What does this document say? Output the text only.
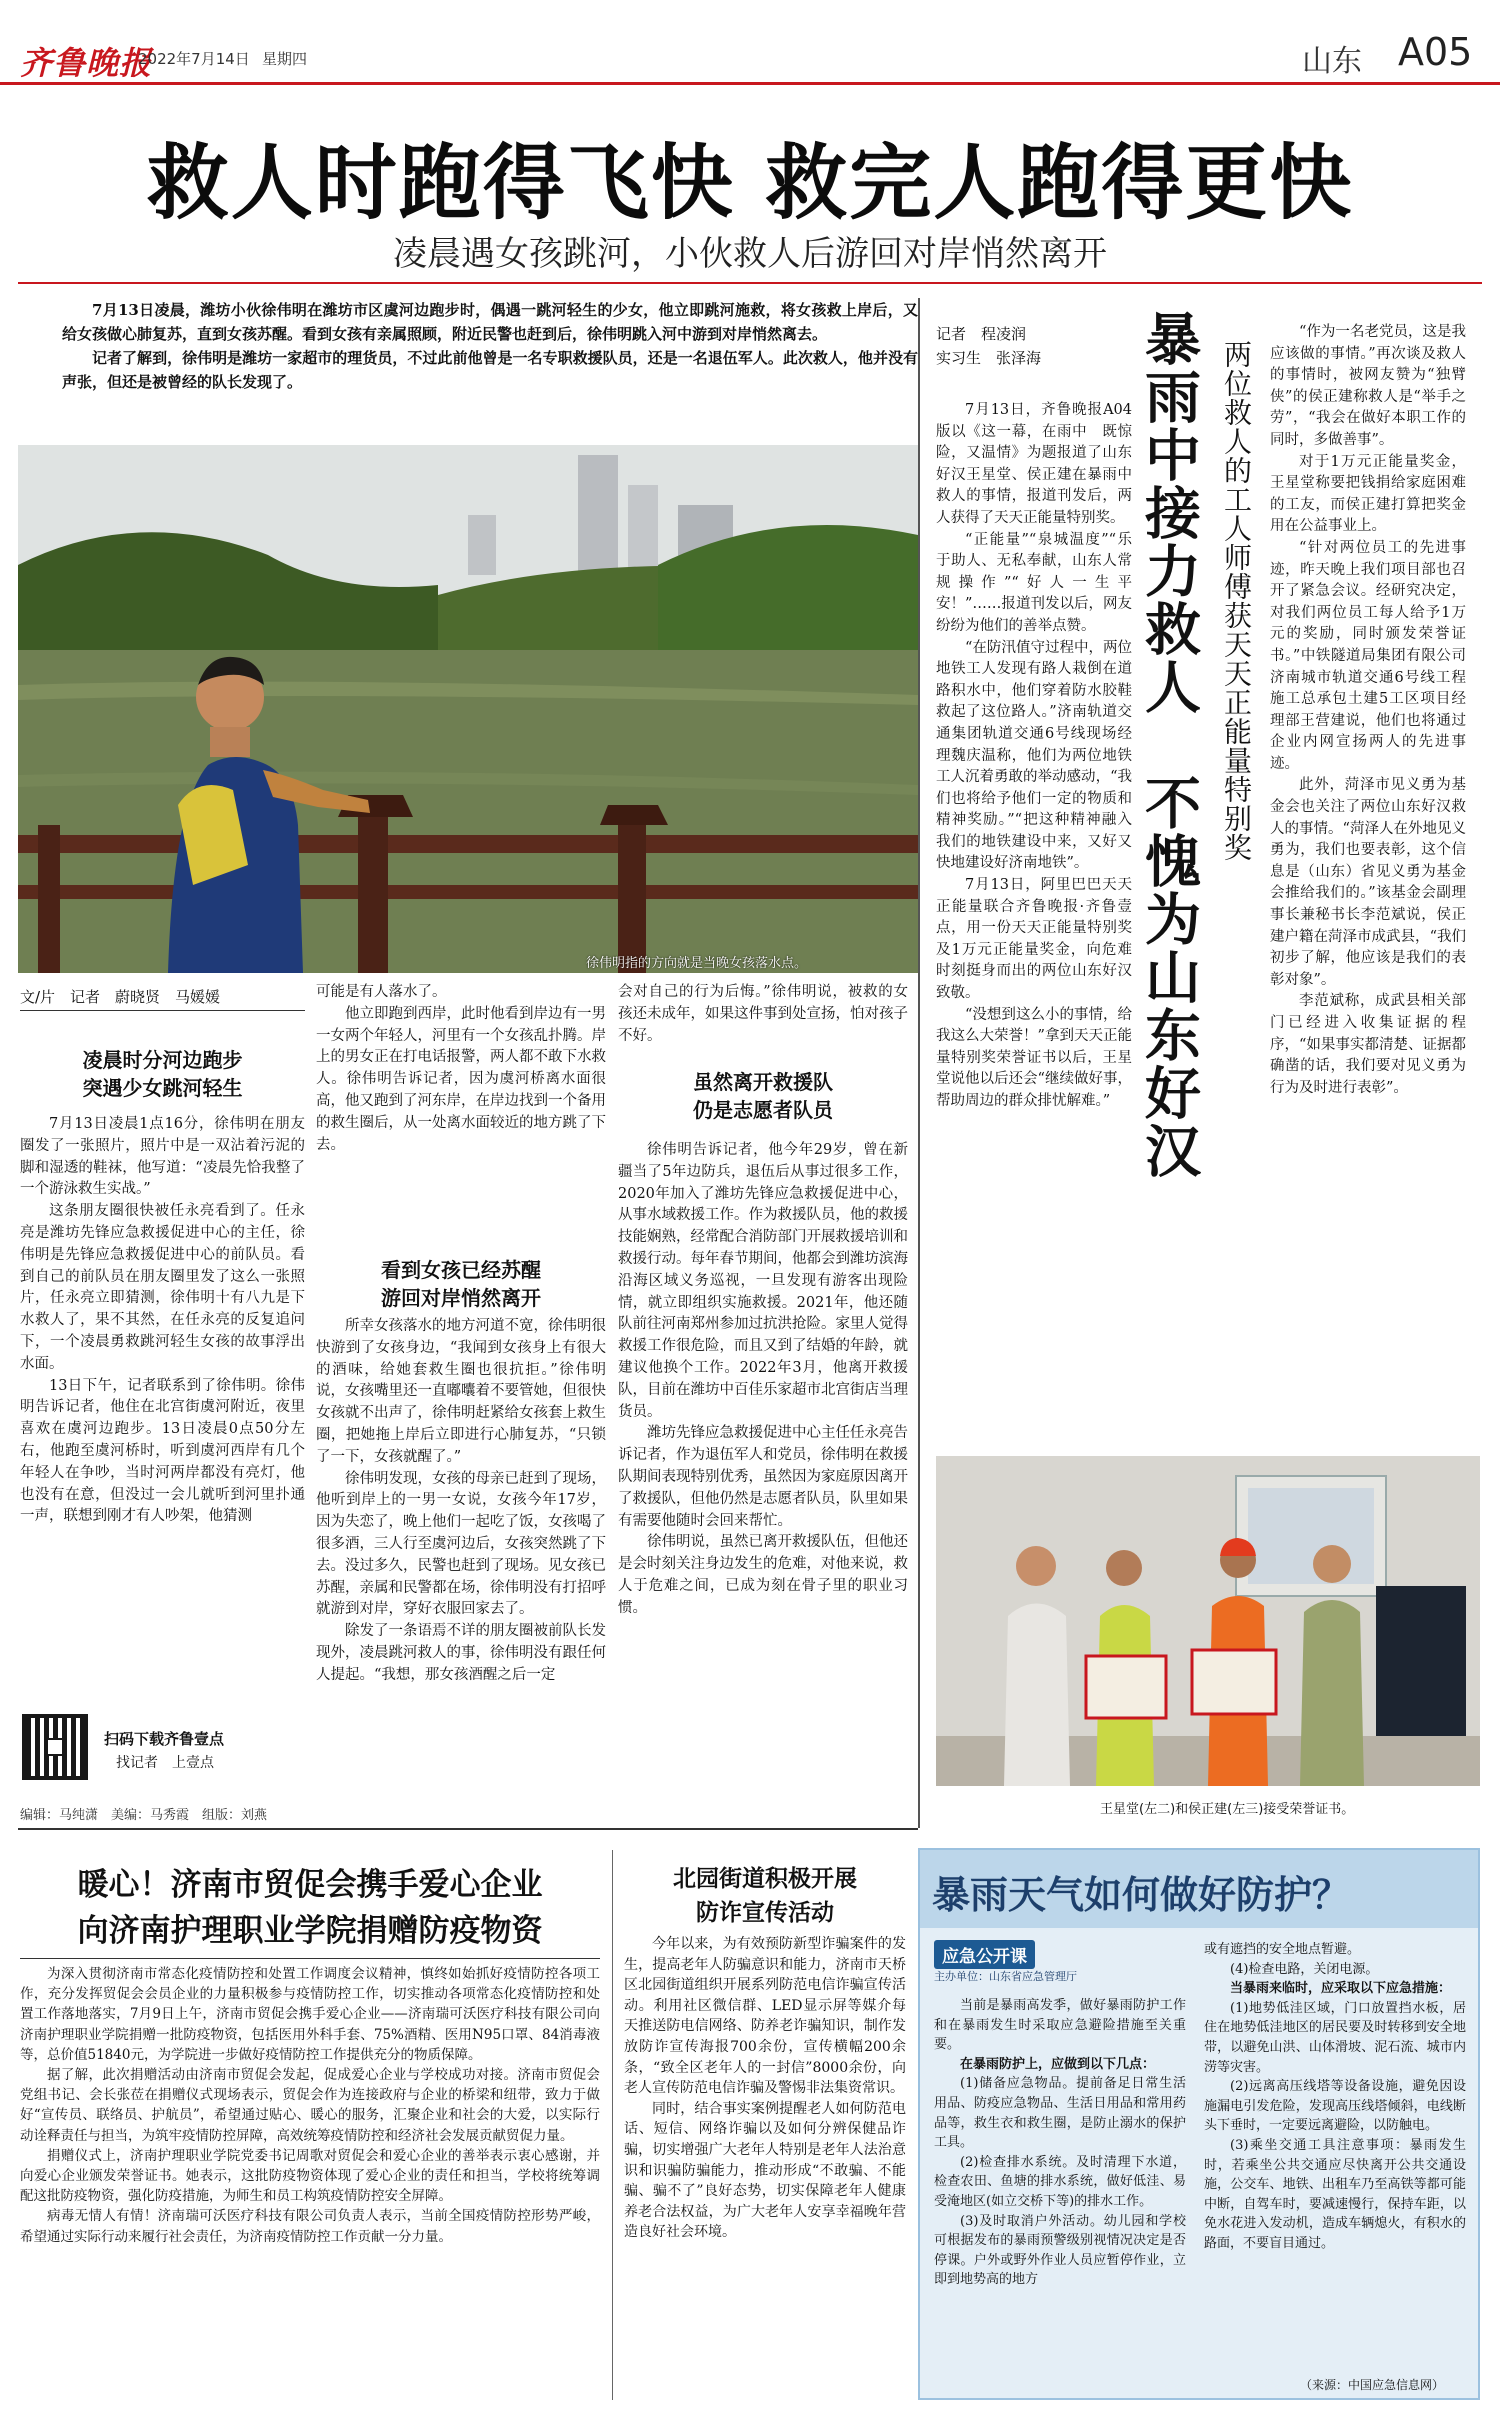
齐鲁晚报
2022年7月14日 星期四	山东 A05
救人时跑得飞快 救完人跑得更快
凌晨遇女孩跳河，小伙救人后游回对岸悄然离开

7月13日凌晨，潍坊小伙徐伟明在潍坊市区虞河边跑步时，偶遇一跳河轻生的少女，他立即跳河施救，将女孩救上岸后，又给女孩做心肺复苏，直到女孩苏醒。看到女孩有亲属照顾，附近民警也赶到后，徐伟明跳入河中游到对岸悄然离去。

记者了解到，徐伟明是潍坊一家超市的理货员，不过此前他曾是一名专职救援队员，还是一名退伍军人。此次救人，他并没有声张，但还是被曾经的队长发现了。

徐伟明指的方向就是当晚女孩落水点。
文/片　记者　蔚晓贤　马媛媛
凌晨时分河边跑步
突遇少女跳河轻生

7月13日凌晨1点16分，徐伟明在朋友圈发了一张照片，照片中是一双沾着污泥的脚和湿透的鞋袜，他写道：“凌晨先恰我整了一个游泳救生实战。”

这条朋友圈很快被任永亮看到了。任永亮是潍坊先锋应急救援促进中心的主任，徐伟明是先锋应急救援促进中心的前队员。看到自己的前队员在朋友圈里发了这么一张照片，任永亮立即猜测，徐伟明十有八九是下水救人了，果不其然，在任永亮的反复追问下，一个凌晨勇救跳河轻生女孩的故事浮出水面。

13日下午，记者联系到了徐伟明。徐伟明告诉记者，他住在北宫街虞河附近，夜里喜欢在虞河边跑步。13日凌晨0点50分左右，他跑至虞河桥时，听到虞河西岸有几个年轻人在争吵，当时河两岸都没有亮灯，他也没有在意，但没过一会儿就听到河里扑通一声，联想到刚才有人吵架，他猜测

可能是有人落水了。

他立即跑到西岸，此时他看到岸边有一男一女两个年轻人，河里有一个女孩乱扑腾。岸上的男女正在打电话报警，两人都不敢下水救人。徐伟明告诉记者，因为虞河桥离水面很高，他又跑到了河东岸，在岸边找到一个备用的救生圈后，从一处离水面较近的地方跳了下去。

看到女孩已经苏醒
游回对岸悄然离开

所幸女孩落水的地方河道不宽，徐伟明很快游到了女孩身边，“我闻到女孩身上有很大的酒味，给她套救生圈也很抗拒。”徐伟明说，女孩嘴里还一直嘟囔着不要管她，但很快女孩就不出声了，徐伟明赶紧给女孩套上救生圈，把她拖上岸后立即进行心肺复苏，“只锁了一下，女孩就醒了。”

徐伟明发现，女孩的母亲已赶到了现场，他听到岸上的一男一女说，女孩今年17岁，因为失恋了，晚上他们一起吃了饭，女孩喝了很多酒，三人行至虞河边后，女孩突然跳了下去。没过多久，民警也赶到了现场。见女孩已苏醒，亲属和民警都在场，徐伟明没有打招呼就游到对岸，穿好衣服回家去了。

除发了一条语焉不详的朋友圈被前队长发现外，凌晨跳河救人的事，徐伟明没有跟任何人提起。“我想，那女孩酒醒之后一定

会对自己的行为后悔。”徐伟明说，被救的女孩还未成年，如果这件事到处宣扬，怕对孩子不好。

虽然离开救援队
仍是志愿者队员

徐伟明告诉记者，他今年29岁，曾在新疆当了5年边防兵，退伍后从事过很多工作，2020年加入了潍坊先锋应急救援促进中心，从事水域救援工作。作为救援队员，他的救援技能娴熟，经常配合消防部门开展救援培训和救援行动。每年春节期间，他都会到潍坊滨海沿海区域义务巡视，一旦发现有游客出现险情，就立即组织实施救援。2021年，他还随队前往河南郑州参加过抗洪抢险。家里人觉得救援工作很危险，而且又到了结婚的年龄，就建议他换个工作。2022年3月，他离开救援队，目前在潍坊中百佳乐家超市北宫街店当理货员。

潍坊先锋应急救援促进中心主任任永亮告诉记者，作为退伍军人和党员，徐伟明在救援队期间表现特别优秀，虽然因为家庭原因离开了救援队，但他仍然是志愿者队员，队里如果有需要他随时会回来帮忙。

徐伟明说，虽然已离开救援队伍，但他还是会时刻关注身边发生的危难，对他来说，救人于危难之间，已成为刻在骨子里的职业习惯。

扫码下载齐鲁壹点
找记者　上壹点
编辑：马纯潇　美编：马秀霞　组版：刘燕
记者　程凌润
实习生　张泽海

7月13日，齐鲁晚报A04版以《这一幕，在雨中　既惊险，又温情》为题报道了山东好汉王星堂、侯正建在暴雨中救人的事情，报道刊发后，两人获得了天天正能量特别奖。

“正能量”“泉城温度”“乐于助人、无私奉献，山东人常规操作”“好人一生平安！”……报道刊发以后，网友纷纷为他们的善举点赞。

“在防汛值守过程中，两位地铁工人发现有路人栽倒在道路积水中，他们穿着防水胶鞋救起了这位路人。”济南轨道交通集团轨道交通6号线现场经理魏庆温称，他们为两位地铁工人沉着勇敢的举动感动，“我们也将给予他们一定的物质和精神奖励。”“把这种精神融入我们的地铁建设中来，又好又快地建设好济南地铁”。

7月13日，阿里巴巴天天正能量联合齐鲁晚报·齐鲁壹点，用一份天天正能量特别奖及1万元正能量奖金，向危难时刻挺身而出的两位山东好汉致敬。

“没想到这么小的事情，给我这么大荣誉！”拿到天天正能量特别奖荣誉证书以后，王星堂说他以后还会“继续做好事，帮助周边的群众排忧解难。” 暴雨中接力救人　不愧为山东好汉 两位救人的工人师傅获天天正能量特别奖

“作为一名老党员，这是我应该做的事情。”再次谈及救人的事情时，被网友赞为“独臂侠”的侯正建称救人是“举手之劳”，“我会在做好本职工作的同时，多做善事”。

对于1万元正能量奖金，王星堂称要把钱捐给家庭困难的工友，而侯正建打算把奖金用在公益事业上。

“针对两位员工的先进事迹，昨天晚上我们项目部也召开了紧急会议。经研究决定，对我们两位员工每人给予1万元的奖励，同时颁发荣誉证书。”中铁隧道局集团有限公司济南城市轨道交通6号线工程施工总承包土建5工区项目经理部王营建说，他们也将通过企业内网宣扬两人的先进事迹。

此外，菏泽市见义勇为基金会也关注了两位山东好汉救人的事情。“菏泽人在外地见义勇为，我们也要表彰，这个信息是（山东）省见义勇为基金会推给我们的。”该基金会副理事长兼秘书长李范斌说，侯正建户籍在菏泽市成武县，“我们初步了解，他应该是我们的表彰对象”。

李范斌称，成武县相关部门已经进入收集证据的程序，“如果事实都清楚、证据都确凿的话，我们要对见义勇为行为及时进行表彰”。

王星堂(左二)和侯正建(左三)接受荣誉证书。
暖心！济南市贸促会携手爱心企业
向济南护理职业学院捐赠防疫物资

为深入贯彻济南市常态化疫情防控和处置工作调度会议精神，慎终如始抓好疫情防控各项工作，充分发挥贸促会会员企业的力量积极参与疫情防控工作，切实推动各项常态化疫情防控和处置工作落地落实，7月9日上午，济南市贸促会携手爱心企业——济南瑞可沃医疗科技有限公司向济南护理职业学院捐赠一批防疫物资，包括医用外科手套、75%酒精、医用N95口罩、84消毒液等，总价值51840元，为学院进一步做好疫情防控工作提供充分的物质保障。

据了解，此次捐赠活动由济南市贸促会发起，促成爱心企业与学校成功对接。济南市贸促会党组书记、会长张莅在捐赠仪式现场表示，贸促会作为连接政府与企业的桥梁和纽带，致力于做好“宣传员、联络员、护航员”，希望通过贴心、暖心的服务，汇聚企业和社会的大爱，以实际行动诠释责任与担当，为筑牢疫情防控屏障，高效统筹疫情防控和经济社会发展贡献贸促力量。

捐赠仪式上，济南护理职业学院党委书记周歌对贸促会和爱心企业的善举表示衷心感谢，并向爱心企业颁发荣誉证书。她表示，这批防疫物资体现了爱心企业的责任和担当，学校将统筹调配这批防疫物资，强化防疫措施，为师生和员工构筑疫情防控安全屏障。

病毒无情人有情！济南瑞可沃医疗科技有限公司负责人表示，当前全国疫情防控形势严峻，希望通过实际行动来履行社会责任，为济南疫情防控工作贡献一分力量。

北园街道积极开展
防诈宣传活动

今年以来，为有效预防新型诈骗案件的发生，提高老年人防骗意识和能力，济南市天桥区北园街道组织开展系列防范电信诈骗宣传活动。利用社区微信群、LED显示屏等媒介每天推送防电信网络、防养老诈骗知识，制作发放防诈宣传海报700余份，宣传横幅200余条，“致全区老年人的一封信”8000余份，向老人宣传防范电信诈骗及警惕非法集资常识。

同时，结合事实案例提醒老人如何防范电话、短信、网络诈骗以及如何分辨保健品诈骗，切实增强广大老年人特别是老年人法治意识和识骗防骗能力，推动形成“不敢骗、不能骗、骗不了”良好态势，切实保障老年人健康养老合法权益，为广大老年人安享幸福晚年营造良好社会环境。

暴雨天气如何做好防护？
应急公开课
主办单位：山东省应急管理厅

当前是暴雨高发季，做好暴雨防护工作和在暴雨发生时采取应急避险措施至关重要。

在暴雨防护上，应做到以下几点：

(1)储备应急物品。提前备足日常生活用品、防疫应急物品、生活日用品和常用药品等，救生衣和救生圈，是防止溺水的保护工具。

(2)检查排水系统。及时清理下水道，检查农田、鱼塘的排水系统，做好低洼、易受淹地区(如立交桥下等)的排水工作。

(3)及时取消户外活动。幼儿园和学校可根据发布的暴雨预警级别视情况决定是否停课。户外或野外作业人员应暂停作业，立即到地势高的地方

或有遮挡的安全地点暂避。

(4)检查电路，关闭电源。

当暴雨来临时，应采取以下应急措施：

(1)地势低洼区域，门口放置挡水板，居住在地势低洼地区的居民要及时转移到安全地带，以避免山洪、山体滑坡、泥石流、城市内涝等灾害。

(2)远离高压线塔等设备设施，避免因设施漏电引发危险，发现高压线塔倾斜，电线断头下垂时，一定要远离避险，以防触电。

(3)乘坐交通工具注意事项：暴雨发生时，若乘坐公共交通应尽快离开公共交通设施，公交车、地铁、出租车乃至高铁等都可能中断，自驾车时，要减速慢行，保持车距，以免水花进入发动机，造成车辆熄火，有积水的路面，不要盲目通过。

（来源：中国应急信息网）
